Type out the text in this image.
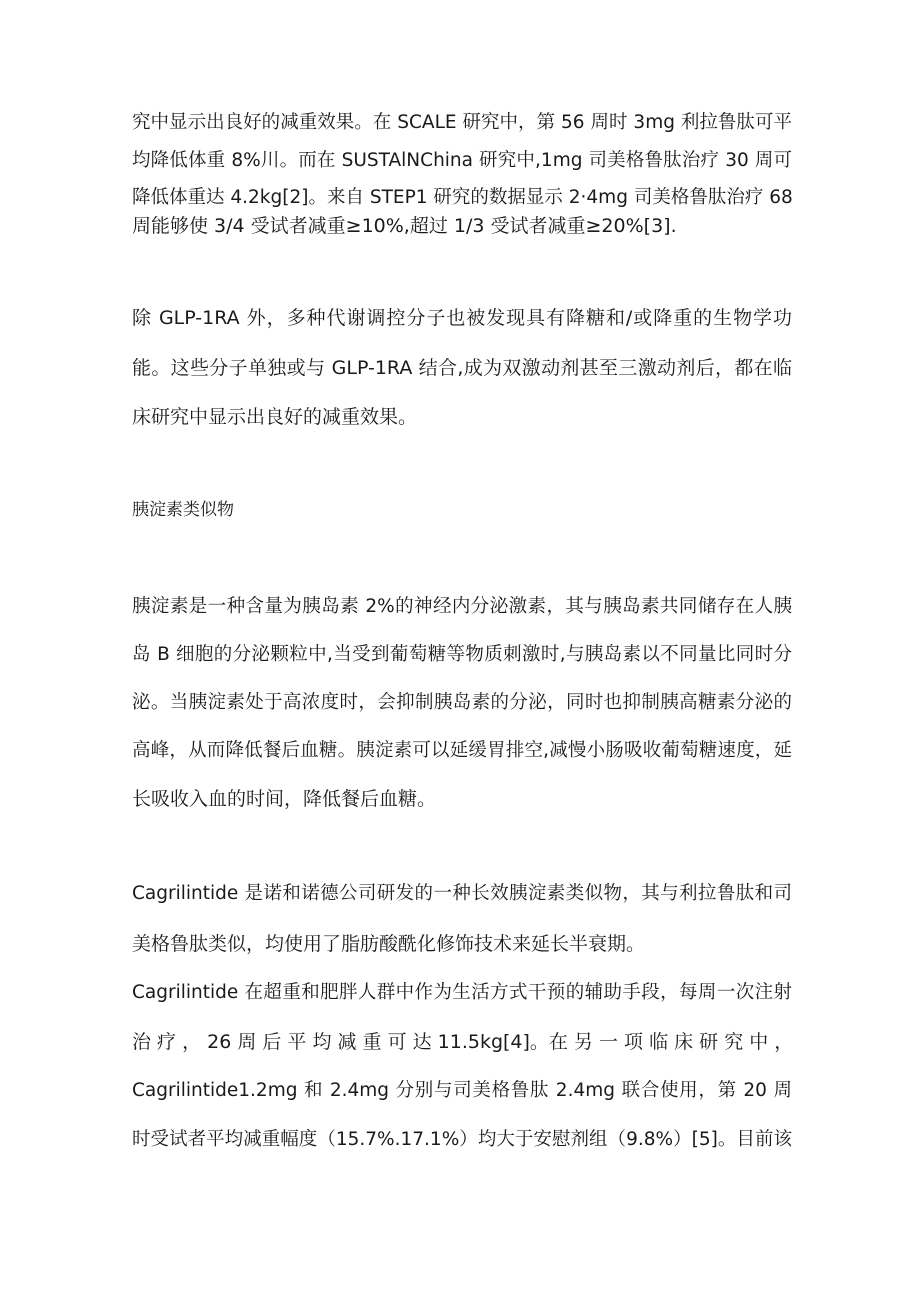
究中显示出良好的减重效果。在 SCALE 研究中，第 56 周时 3mg 利拉鲁肽可平
均降低体重 8%川。而在 SUSTAlNChina 研究中,1mg 司美格鲁肽治疗 30 周可
降低体重达 4.2kg[2]。来自 STEP1 研究的数据显示 2·4mg 司美格鲁肽治疗 68
周能够使 3/4 受试者减重≥10%,超过 1/3 受试者减重≥20%[3].
除 GLP-1RA 外，多种代谢调控分子也被发现具有降糖和/或降重的生物学功
能。这些分子单独或与 GLP-1RA 结合,成为双激动剂甚至三激动剂后，都在临
床研究中显示出良好的减重效果。
胰淀素类似物
胰淀素是一种含量为胰岛素 2%的神经内分泌激素，其与胰岛素共同储存在人胰
岛 B 细胞的分泌颗粒中,当受到葡萄糖等物质刺激时,与胰岛素以不同量比同时分
泌。当胰淀素处于高浓度时，会抑制胰岛素的分泌，同时也抑制胰高糖素分泌的
高峰，从而降低餐后血糖。胰淀素可以延缓胃排空,减慢小肠吸收葡萄糖速度，延
长吸收入血的时间，降低餐后血糖。
Cagrilintide 是诺和诺德公司研发的一种长效胰淀素类似物，其与利拉鲁肽和司
美格鲁肽类似，均使用了脂肪酸酰化修饰技术来延长半衰期。
Cagrilintide 在超重和肥胖人群中作为生活方式干预的辅助手段，每周一次注射
治 疗 ， 26 周 后 平 均 减 重 可 达 11.5kg[4]。在 另 一 项 临 床 研 究 中 ，
Cagrilintide1.2mg 和 2.4mg 分别与司美格鲁肽 2.4mg 联合使用，第 20 周
时受试者平均减重幅度（15.7%.17.1%）均大于安慰剂组（9.8%）[5]。目前该
